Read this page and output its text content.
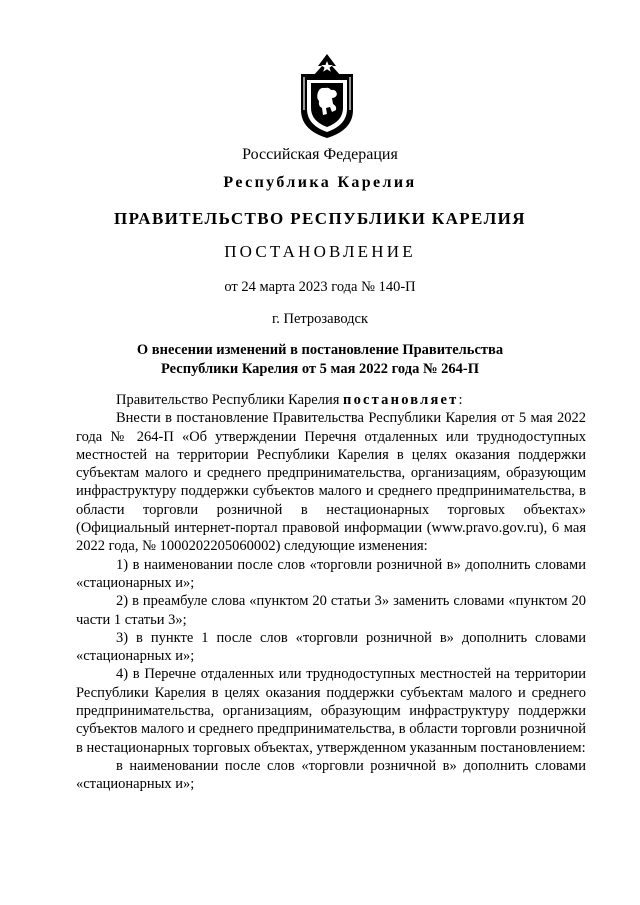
Российская Федерация
Республика Карелия
ПРАВИТЕЛЬСТВО РЕСПУБЛИКИ КАРЕЛИЯ
ПОСТАНОВЛЕНИЕ
от 24 марта 2023 года № 140-П
г. Петрозаводск
О внесении изменений в постановление Правительства
Республики Карелия от 5 мая 2022 года № 264-П

Правительство Республики Карелия постановляет:

Внести в постановление Правительства Республики Карелия от 5 мая 2022 года № 264-П «Об утверждении Перечня отдаленных или труднодоступных местностей на территории Республики Карелия в целях оказания поддержки субъектам малого и среднего предпринимательства, организациям, образующим инфраструктуру поддержки субъектов малого и среднего предпринимательства, в области торговли розничной в нестационарных торговых объектах» (Официальный интернет-портал правовой информации (www.pravo.gov.ru), 6 мая 2022 года, № 1000202205060002) следующие изменения:

1) в наименовании после слов «торговли розничной в» дополнить словами «стационарных и»;

2) в преамбуле слова «пунктом 20 статьи 3» заменить словами «пунктом 20 части 1 статьи 3»;

3) в пункте 1 после слов «торговли розничной в» дополнить словами «стационарных и»;

4) в Перечне отдаленных или труднодоступных местностей на территории Республики Карелия в целях оказания поддержки субъектам малого и среднего предпринимательства, организациям, образующим инфраструктуру поддержки субъектов малого и среднего предпринимательства, в области торговли розничной в нестационарных торговых объектах, утвержденном указанным постановлением:

в наименовании после слов «торговли розничной в» дополнить словами «стационарных и»;
